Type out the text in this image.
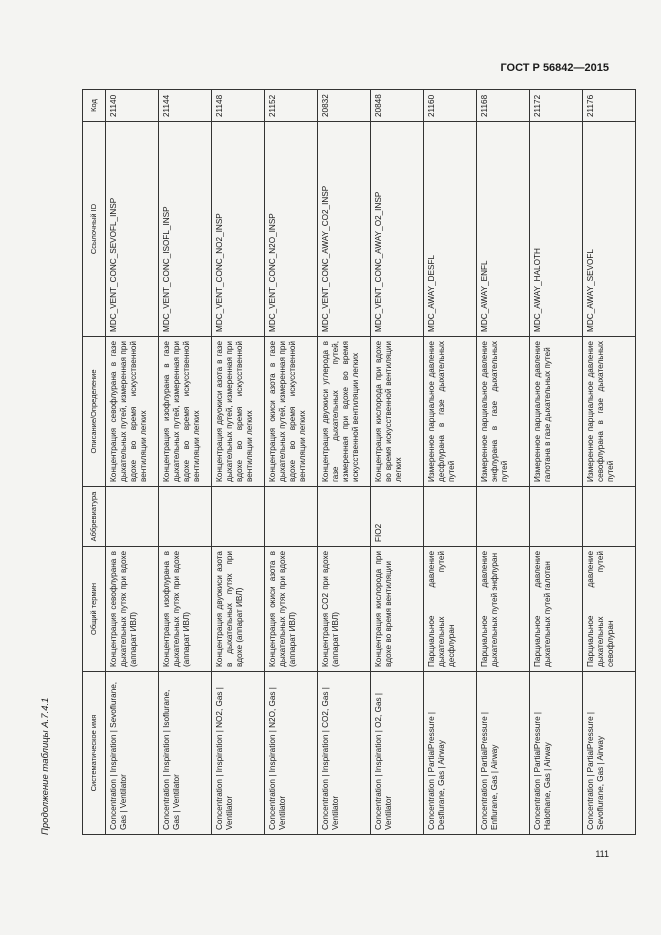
ГОСТ Р 56842—2015
Продолжение таблицы А.7.4.1	Систематическое имя	Общий термин	Аббревиатура	Описание/Определение	Ссылочный ID	Код
Concentration | Inspiration | Sevoflurane, Gas | Ventilator	Концентрация севофлурана в дыхательных путях при вдохе (аппарат ИВЛ)		Концентрация севофлурана в газе дыхательных путей, измеренная при вдохе во время искусственной вентиляции легких	MDC_VENT_CONC_SEVOFL_INSP	21140
Concentration | Inspiration | Isoflurane, Gas | Ventilator	Концентрация изофлурана в дыхательных путях при вдохе (аппарат ИВЛ)		Концентрация изофлурана в газе дыхательных путей, измеренная при вдохе во время искусственной вентиляции легких	MDC_VENT_CONC_ISOFL_INSP	21144
Concentration | Inspiration | NO2, Gas | Ventilator	Концентрация двуокиси азота в дыхательных путях при вдохе (аппарат ИВЛ)		Концентрация двуокиси азота в газе дыхательных путей, измеренная при вдохе во время искусственной вентиляции легких	MDC_VENT_CONC_NO2_INSP	21148
Concentration | Inspiration | N2O, Gas | Ventilator	Концентрация окиси азота в дыхательных путях при вдохе (аппарат ИВЛ)		Концентрация окиси азота в газе дыхательных путей, измеренная при вдохе во время искусственной вентиляции легких	MDC_VENT_CONC_N2O_INSP	21152
Concentration | Inspiration | CO2, Gas | Ventilator	Концентрация CO2 при вдохе (аппарат ИВЛ)		Концентрация двуокиси углерода в газе дыхательных путей, измеренная при вдохе во время искусственной вентиляции легких	MDC_VENT_CONC_AWAY_CO2_INSP	20832
Concentration | Inspiration | O2, Gas | Ventilator	Концентрация кислорода при вдохе во время вентиляции	FIO2	Концентрация кислорода при вдохе во время искусственной вентиляции легких	MDC_VENT_CONC_AWAY_O2_INSP	20848
Concentration | PartialPressure | Desflurane, Gas | Airway	Парциальное давление дыхательных путей десфлуран		Измеренное парциальное давление десфлурана в газе дыхательных путей	MDC_AWAY_DESFL	21160
Concentration | PartialPressure | Enflurane, Gas | Airway	Парциальное давление дыхательных путей энфлуран		Измеренное парциальное давление энфлурана в газе дыхательных путей	MDC_AWAY_ENFL	21168
Concentration | PartialPressure | Halothane, Gas | Airway	Парциальное давление дыхательных путей галотан		Измеренное парциальное давление галотана в газе дыхательных путей	MDC_AWAY_HALOTH	21172
Concentration | PartialPressure | Sevoflurane, Gas | Airway	Парциальное давление дыхательных путей севофлуран		Измеренное парциальное давление севофлурана в газе дыхательных путей	MDC_AWAY_SEVOFL	21176
111
